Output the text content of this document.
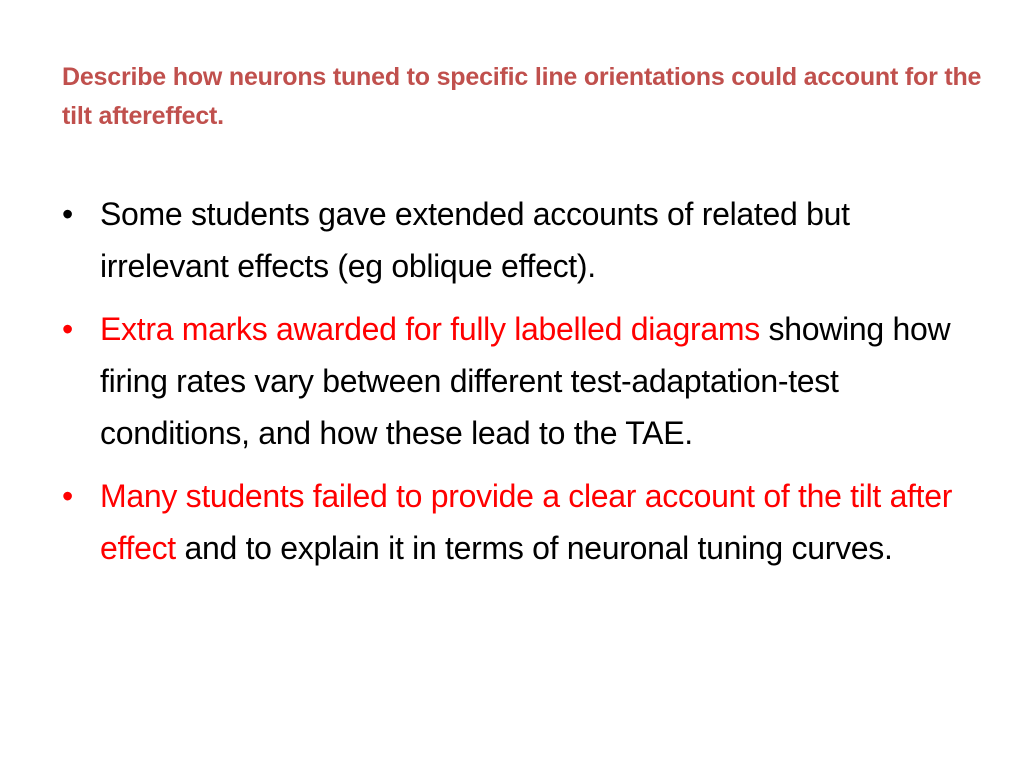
Describe how neurons tuned to specific line orientations could account for the tilt aftereffect.
• Some students gave extended accounts of related but irrelevant effects (eg oblique effect).
• Extra marks awarded for fully labelled diagrams showing how firing rates vary between different test-adaptation-test conditions, and how these lead to the TAE.
• Many students failed to provide a clear account of the tilt after effect and to explain it in terms of neuronal tuning curves.
